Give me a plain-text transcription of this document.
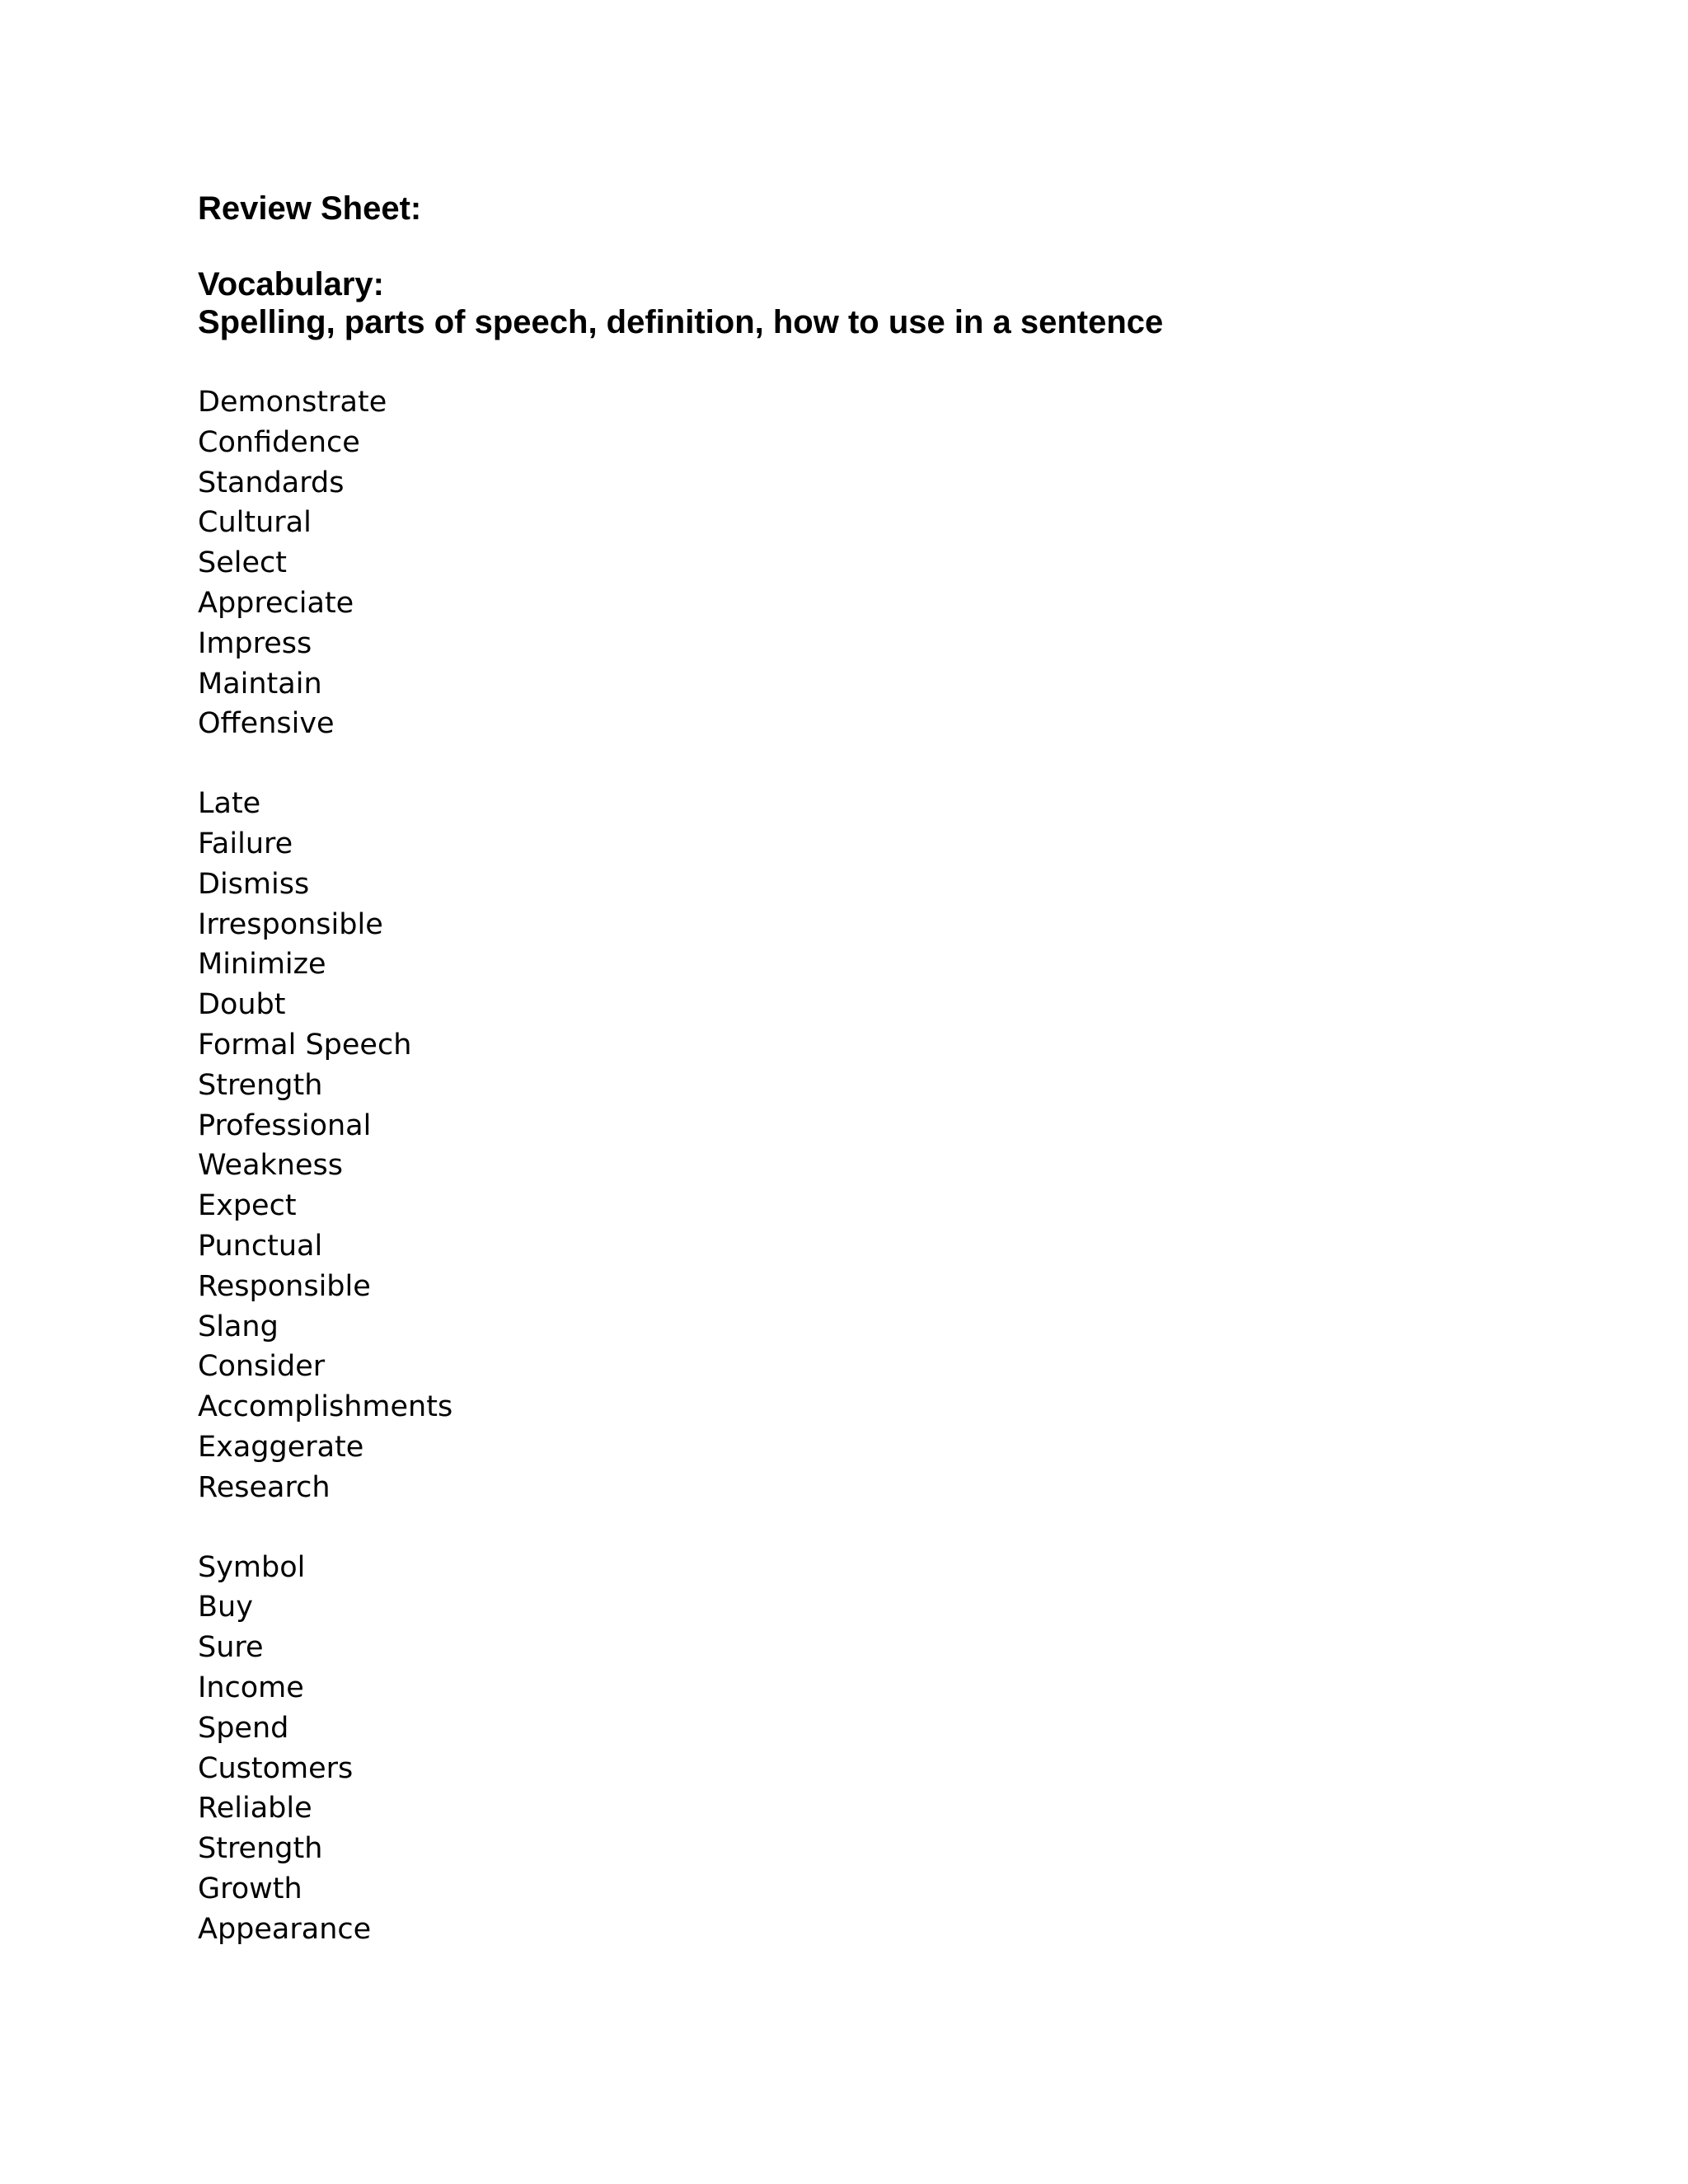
Review Sheet:
Vocabulary:
Spelling, parts of speech, definition, how to use in a sentence

Demonstrate

Confidence

Standards

Cultural

Select

Appreciate

Impress

Maintain

Offensive

Late

Failure

Dismiss

Irresponsible

Minimize

Doubt

Formal Speech

Strength

Professional

Weakness

Expect

Punctual

Responsible

Slang

Consider

Accomplishments

Exaggerate

Research

Symbol

Buy

Sure

Income

Spend

Customers

Reliable

Strength

Growth

Appearance
